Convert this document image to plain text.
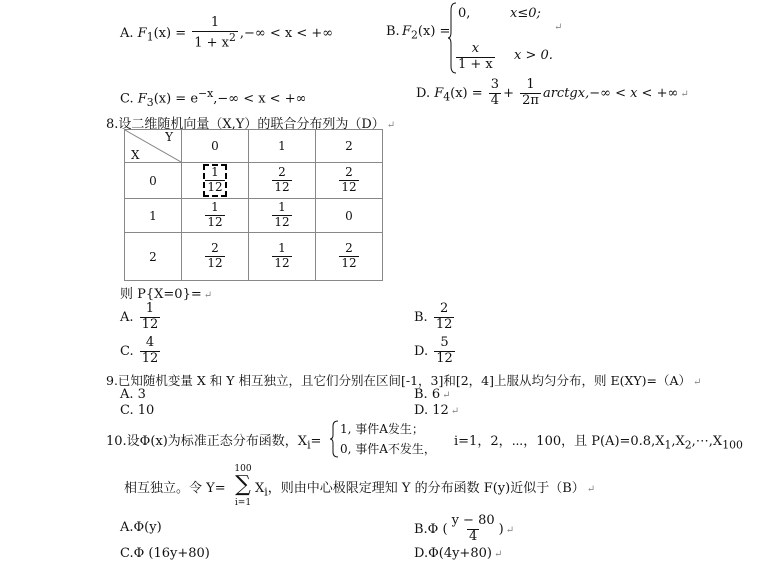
A. $F_1(x) = \frac{1}{1 + x^2}$ ,−∞ < x < +∞	B. $F_2(x)$ =
0,	x≤0;
↵
$\frac{x}{1 + x}$ x > 0.
C. $F_3(x) = e^{-x},-\infty < x$ < +∞	D. $F_4(x) = \frac{3}{4} + \frac{1}{2\pi}$ arctgx,−∞ < x < +∞ ↵
8.设二维随机向量（X,Y）的联合分布列为（D） ↵
Y
X	0	1	2
0	$\frac{1}{12}$	$\frac{2}{12}$	$\frac{2}{12}$

1	$\frac{1}{12}$	$\frac{1}{12}$	0
2	$\frac{2}{12}$	$\frac{1}{12}$	$\frac{2}{12}$
则 P{X=0}= ↵
A. $\frac{1}{12}$	B. $\frac{2}{12}$
C. $\frac{4}{12}$	D. $\frac{5}{12}$
9.已知随机变量 X 和 Y 相互独立，且它们分别在区间[-1，3]和[2，4]上服从均匀分布，则 E(XY)=（A） ↵
A. 3	B. 6 ↵
C. 10	D. 12 ↵
10.设Φ(x)为标准正态分布函数，$X_i=$
1, 事件A发生；
0, 事件A不发生， i=1，2，⋯，100，且 $P(A)=0.8,X_1,X_2,\cdots,X_{100}$
相互独立。令 Y=
100
∑
i=1
$X_i$，则由中心极限定理知 Y 的分布函数 F(y)近似于（B） ↵
A.Φ(y)	B.Φ ( $\frac{y - 80}{4}$ ) ↵
C.Φ (16y+80)	D.Φ(4y+80) ↵
